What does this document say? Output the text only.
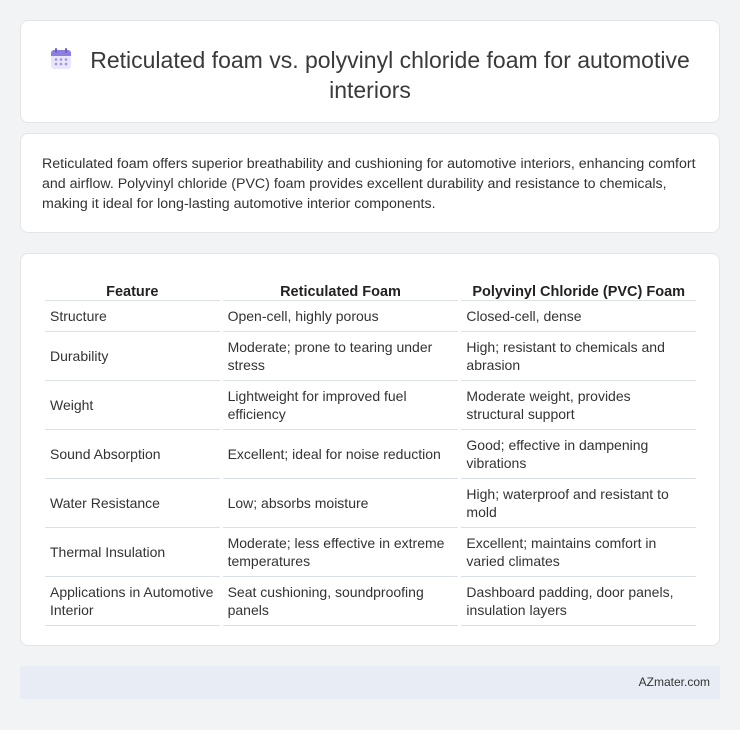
Reticulated foam vs. polyvinyl chloride foam for automotive interiors

Reticulated foam offers superior breathability and cushioning for automotive interiors, enhancing comfort and airflow. Polyvinyl chloride (PVC) foam provides excellent durability and resistance to chemicals, making it ideal for long-lasting automotive interior components.

Feature	Reticulated Foam	Polyvinyl Chloride (PVC) Foam
Structure	Open-cell, highly porous	Closed-cell, dense
Durability	Moderate; prone to tearing under stress	High; resistant to chemicals and abrasion
Weight	Lightweight for improved fuel efficiency	Moderate weight, provides structural support
Sound Absorption	Excellent; ideal for noise reduction	Good; effective in dampening vibrations
Water Resistance	Low; absorbs moisture	High; waterproof and resistant to mold
Thermal Insulation	Moderate; less effective in extreme temperatures	Excellent; maintains comfort in varied climates
Applications in Automotive Interior	Seat cushioning, soundproofing panels	Dashboard padding, door panels, insulation layers
AZmater.com
